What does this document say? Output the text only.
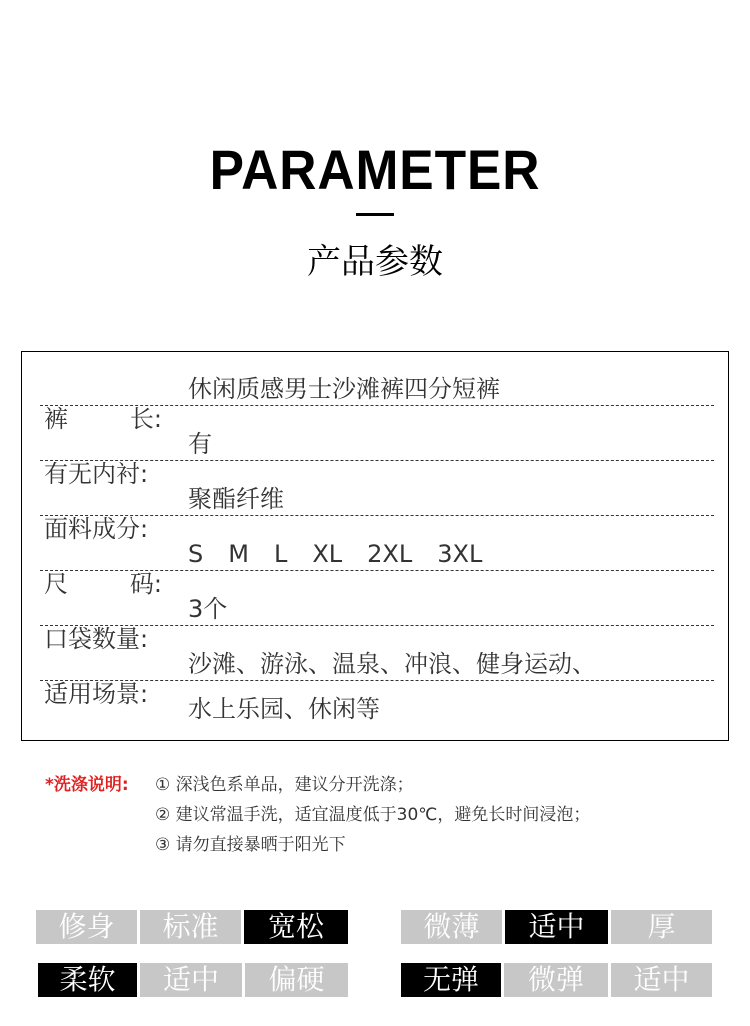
PARAMETER
产品参数
裤	长:
休闲质感男士沙滩裤四分短裤
有无内衬:
有
面料成分:
聚酯纤维
尺	码:
S M L XL 2XL 3XL
口袋数量:
3个
适用场景:
沙滩、游泳、温泉、冲浪、健身运动、
水上乐园、休闲等
*洗涤说明: ① 深浅色系单品，建议分开洗涤；
② 建议常温手洗，适宜温度低于30℃，避免长时间浸泡；
③ 请勿直接暴晒于阳光下
修身	标准	宽松	微薄	适中	厚
柔软	适中	偏硬	无弹	微弹	适中
